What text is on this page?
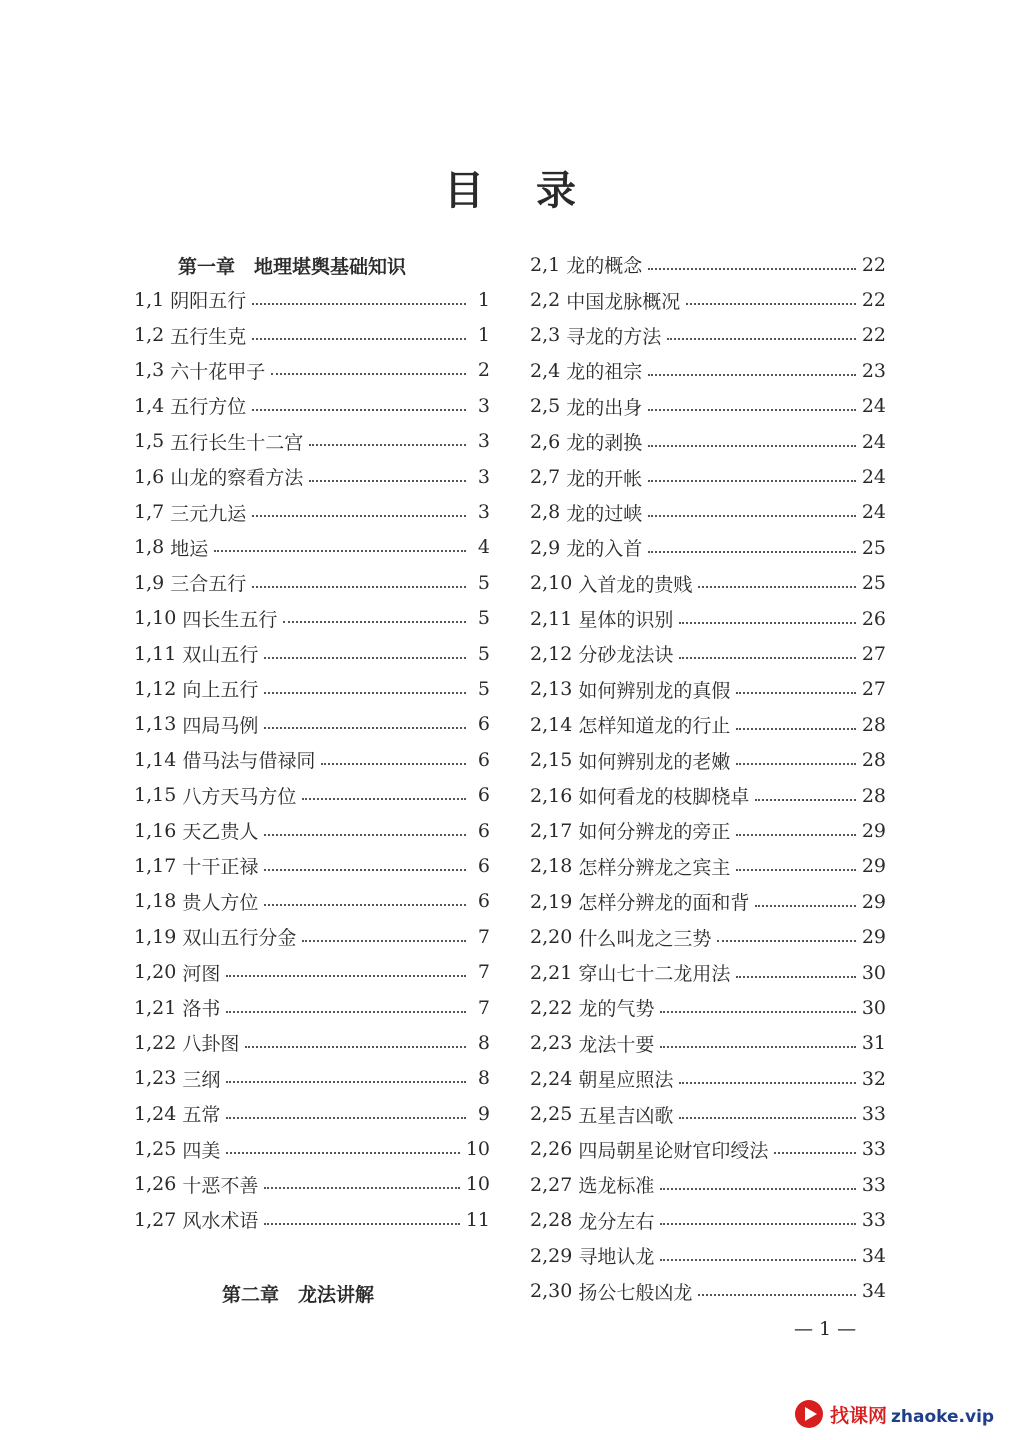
目录
第一章　地理堪舆基础知识
1,1 阴阳五行	1
1,2 五行生克	1
1,3 六十花甲子	2
1,4 五行方位	3
1,5 五行长生十二宫	3
1,6 山龙的察看方法	3
1,7 三元九运	3
1,8 地运	4
1,9 三合五行	5
1,10 四长生五行	5
1,11 双山五行	5
1,12 向上五行	5
1,13 四局马例	6
1,14 借马法与借禄同	6
1,15 八方天马方位	6
1,16 天乙贵人	6
1,17 十干正禄	6
1,18 贵人方位	6
1,19 双山五行分金	7
1,20 河图	7
1,21 洛书	7
1,22 八卦图	8
1,23 三纲	8
1,24 五常	9
1,25 四美	10
1,26 十恶不善	10
1,27 风水术语	11
2,1 龙的概念	22
2,2 中国龙脉概况	22
2,3 寻龙的方法	22
2,4 龙的祖宗	23
2,5 龙的出身	24
2,6 龙的剥换	24
2,7 龙的开帐	24
2,8 龙的过峡	24
2,9 龙的入首	25
2,10 入首龙的贵贱	25
2,11 星体的识别	26
2,12 分砂龙法诀	27
2,13 如何辨别龙的真假	27
2,14 怎样知道龙的行止	28
2,15 如何辨别龙的老嫩	28
2,16 如何看龙的枝脚桡卓	28
2,17 如何分辨龙的旁正	29
2,18 怎样分辨龙之宾主	29
2,19 怎样分辨龙的面和背	29
2,20 什么叫龙之三势	29
2,21 穿山七十二龙用法	30
2,22 龙的气势	30
2,23 龙法十要	31
2,24 朝星应照法	32
2,25 五星吉凶歌	33
2,26 四局朝星论财官印绶法	33
2,27 选龙标准	33
2,28 龙分左右	33
2,29 寻地认龙	34
2,30 扬公七般凶龙	34
第二章　龙法讲解
— 1 —
找课网 zhaoke.vip
